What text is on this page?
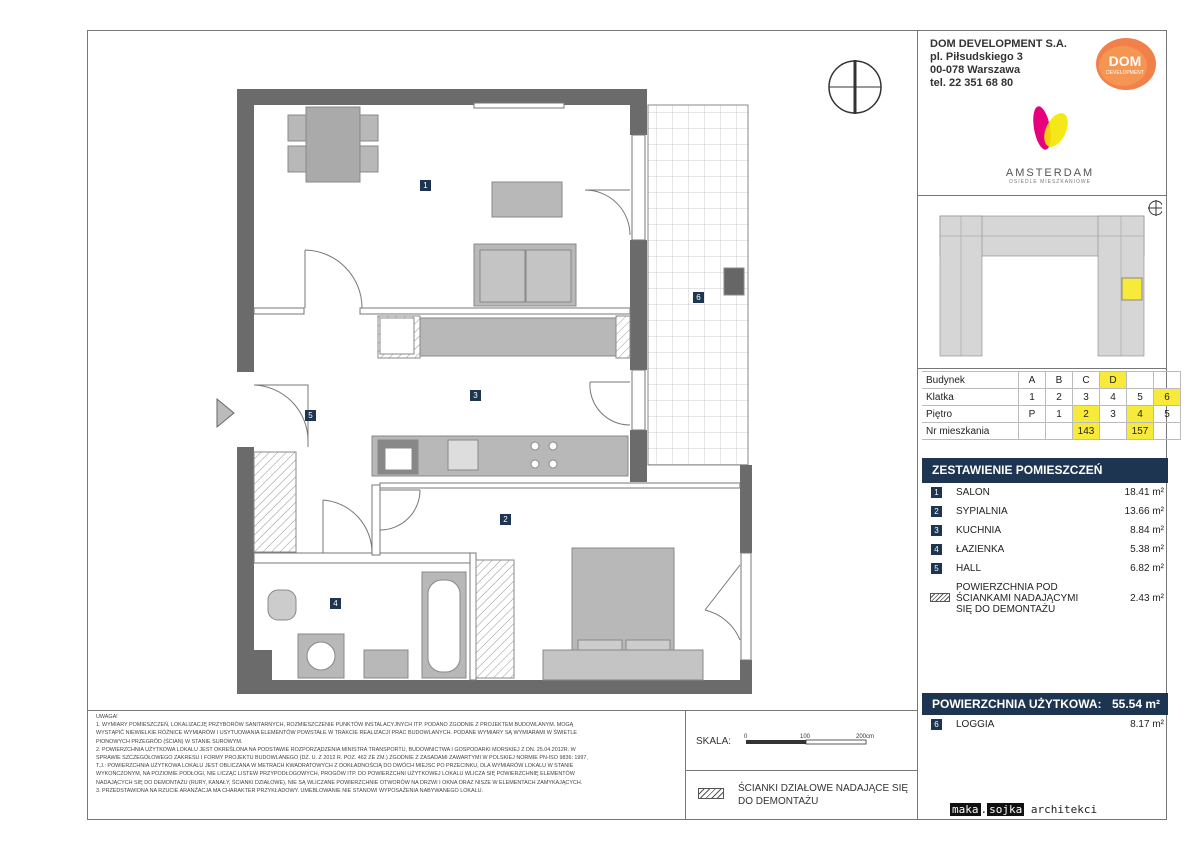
1
2
3
4
5
6
DOM DEVELOPMENT S.A.
pl. Piłsudskiego 3
00-078 Warszawa
tel. 22 351 68 80
DOM
DEVELOPMENT
AMSTERDAM
OSIEDLE MIESZKANIOWE
Budynek	A	B	C	D		
Klatka	1	2	3	4	5	6
Piętro	P	1	2	3	4	5
Nr mieszkania			143		157	
ZESTAWIENIE POMIESZCZEŃ
1	SALON	18.41 m²
2	SYPIALNIA	13.66 m²
3	KUCHNIA	8.84 m²
4	ŁAZIENKA	5.38 m²
5	HALL	6.82 m²
POWIERZCHNIA POD
ŚCIANKAMI NADAJĄCYMI
SIĘ DO DEMONTAŻU
2.43 m²
POWIERZCHNIA UŻYTKOWA: 55.54 m²
6	LOGGIA	8.17 m²
UWAGA!
1. WYMIARY POMIESZCZEŃ, LOKALIZACJĘ PRZYBORÓW SANITARNYCH, ROZMIESZCZENIE PUNKTÓW INSTALACYJNYCH ITP. PODANO ZGODNIE Z PROJEKTEM BUDOWLANYM. MOGĄ
WYSTĄPIĆ NIEWIELKIE RÓŻNICE WYMIARÓW I USYTUOWANIA ELEMENTÓW POWSTAŁE W TRAKCIE REALIZACJI PRAC BUDOWLANYCH. PODANE WYMIARY SĄ WYMIARAMI W ŚWIETLE
PIONOWYCH PRZEGRÓD (ŚCIAN) W STANIE SUROWYM.
2. POWIERZCHNIA UŻYTKOWA LOKALU JEST OKREŚLONA NA PODSTAWIE ROZPORZĄDZENIA MINISTRA TRANSPORTU, BUDOWNICTWA I GOSPODARKI MORSKIEJ Z DN. 25.04.2012R. W
SPRAWIE SZCZEGÓŁOWEGO ZAKRESU I FORMY PROJEKTU BUDOWLANEGO (DZ. U. Z 2012 R. POZ. 462 ZE ZM.) ZGODNIE Z ZASADAMI ZAWARTYMI W POLSKIEJ NORMIE PN-ISO 9836: 1997,
T.J.: POWIERZCHNIA UŻYTKOWA LOKALU JEST OBLICZANA W METRACH KWADRATOWYCH Z DOKŁADNOŚCIĄ DO DWÓCH MIEJSC PO PRZECINKU, DLA WYMIARÓW LOKALU W STANIE
WYKOŃCZONYM, NA POZIOMIE PODŁOGI, NIE LICZĄC LISTEW PRZYPODŁOGOWYCH, PROGÓW ITP. DO POWIERZCHNI UŻYTKOWEJ LOKALU WLICZA SIĘ POWIERZCHNIĘ ELEMENTÓW
NADAJĄCYCH SIĘ DO DEMONTAŻU (RURY, KANAŁY, ŚCIANKI DZIAŁOWE), NIE SĄ WLICZANE POWIERZCHNIE OTWORÓW NA DRZWI I OKNA ORAZ NISZE W ELEMENTACH ZAMYKAJĄCYCH.
3. PRZEDSTAWIONA NA RZUCIE ARANŻACJA MA CHARAKTER PRZYKŁADOWY. UMEBLOWANIE NIE STANOWI WYPOSAŻENIA NABYWANEGO LOKALU.
SKALA: 0	100	200cm
ŚCIANKI DZIAŁOWE NADAJĄCE SIĘ
DO DEMONTAŻU
maka . sojka architekci
